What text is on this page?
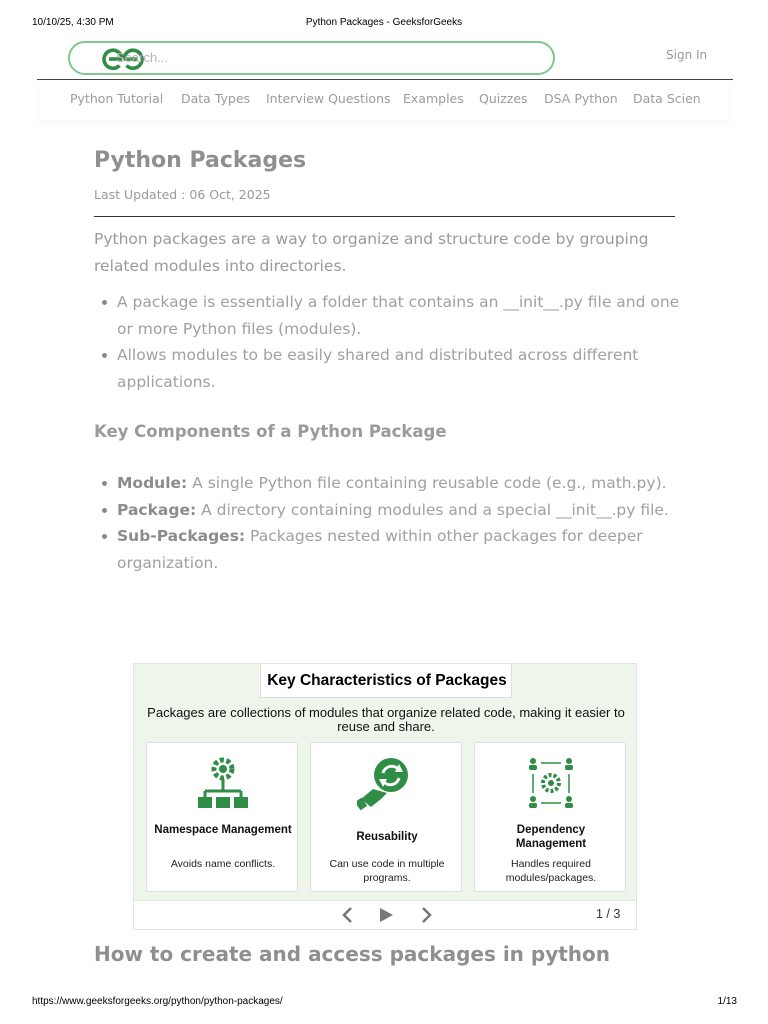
10/10/25, 4:30 PM	Python Packages - GeeksforGeeks
Search...	Sign In
Python Tutorial Data Types Interview Questions Examples Quizzes DSA Python Data Scien
Python Packages
Last Updated : 06 Oct, 2025

Python packages are a way to organize and structure code by grouping related modules into directories.

A package is essentially a folder that contains an __init__.py file and one or more Python files (modules).
Allows modules to be easily shared and distributed across different applications.
Key Components of a Python Package
Module: A single Python file containing reusable code (e.g., math.py).
Package: A directory containing modules and a special __init__.py file.
Sub-Packages: Packages nested within other packages for deeper organization.
Key Characteristics of Packages
Packages are collections of modules that organize related code, making it easier to reuse and share.
Namespace Management
Avoids name conflicts.
Reusability
Can use code in multiple programs.
Dependency Management
Handles required modules/packages.
1 / 3
How to create and access packages in python
https://www.geeksforgeeks.org/python/python-packages/	1/13
